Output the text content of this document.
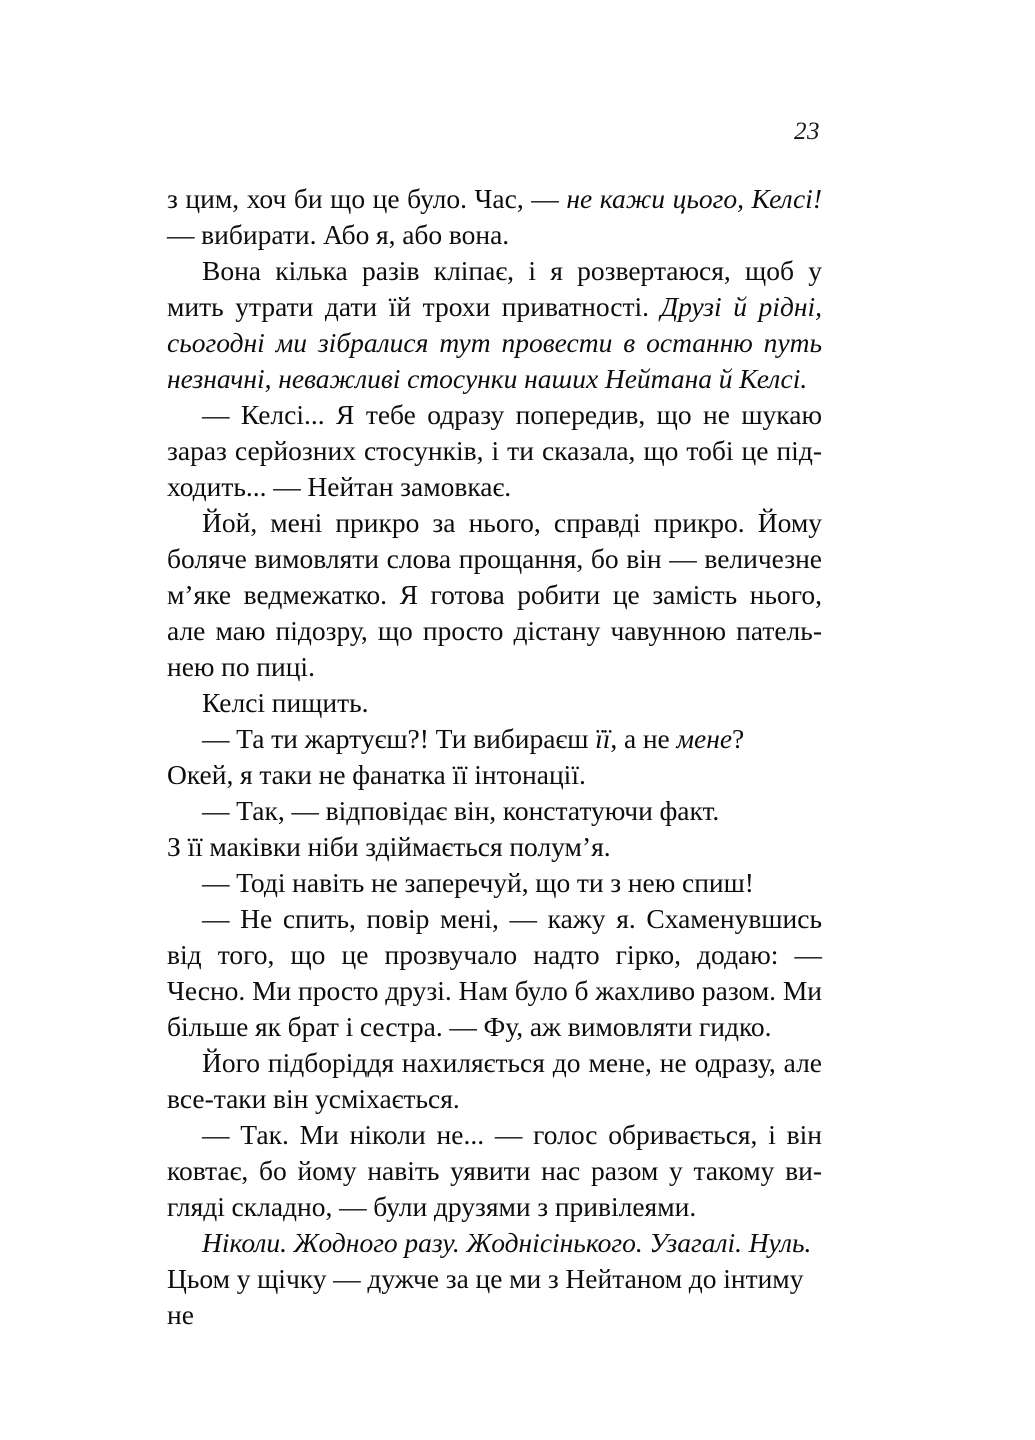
23

з цим, хоч би що це було. Час, — не кажи цього, Келсі! — вибирати. Або я, або вона.

Вона кілька разів кліпає, і я розвертаюся, щоб у мить утрати дати їй трохи приватності. Друзі й рідні, сьогодні ми зібралися тут провести в останню путь незначні, неважливі стосунки наших Нейтана й Келсі.

— Келсі... Я тебе одразу попередив, що не шукаю зараз серйозних стосунків, і ти сказала, що тобі це підходить... — Нейтан замовкає.

Йой, мені прикро за нього, справді прикро. Йому боляче вимовляти слова прощання, бо він — величезне м’яке ведмежатко. Я готова робити це замість нього, але маю підозру, що просто дістану чавунною пательнею по пиці.

Келсі пищить.

— Та ти жартуєш?! Ти вибираєш її, а не мене?

Окей, я таки не фанатка її інтонації.

— Так, — відповідає він, констатуючи факт.

З її маківки ніби здіймається полум’я.

— Тоді навіть не заперечуй, що ти з нею спиш!

— Не спить, повір мені, — кажу я. Схаменувшись від того, що це прозвучало надто гірко, додаю: — Чесно. Ми просто друзі. Нам було б жахливо разом. Ми більше як брат і сестра. — Фу, аж вимовляти гидко.

Його підборіддя нахиляється до мене, не одразу, але все-таки він усміхається.

— Так. Ми ніколи не... — голос обривається, і він ковтає, бо йому навіть уявити нас разом у такому вигляді складно, — були друзями з привілеями.

Ніколи. Жодного разу. Жоднісінького. Узагалі. Нуль. Цьом у щічку — дужче за це ми з Нейтаном до інтиму не
